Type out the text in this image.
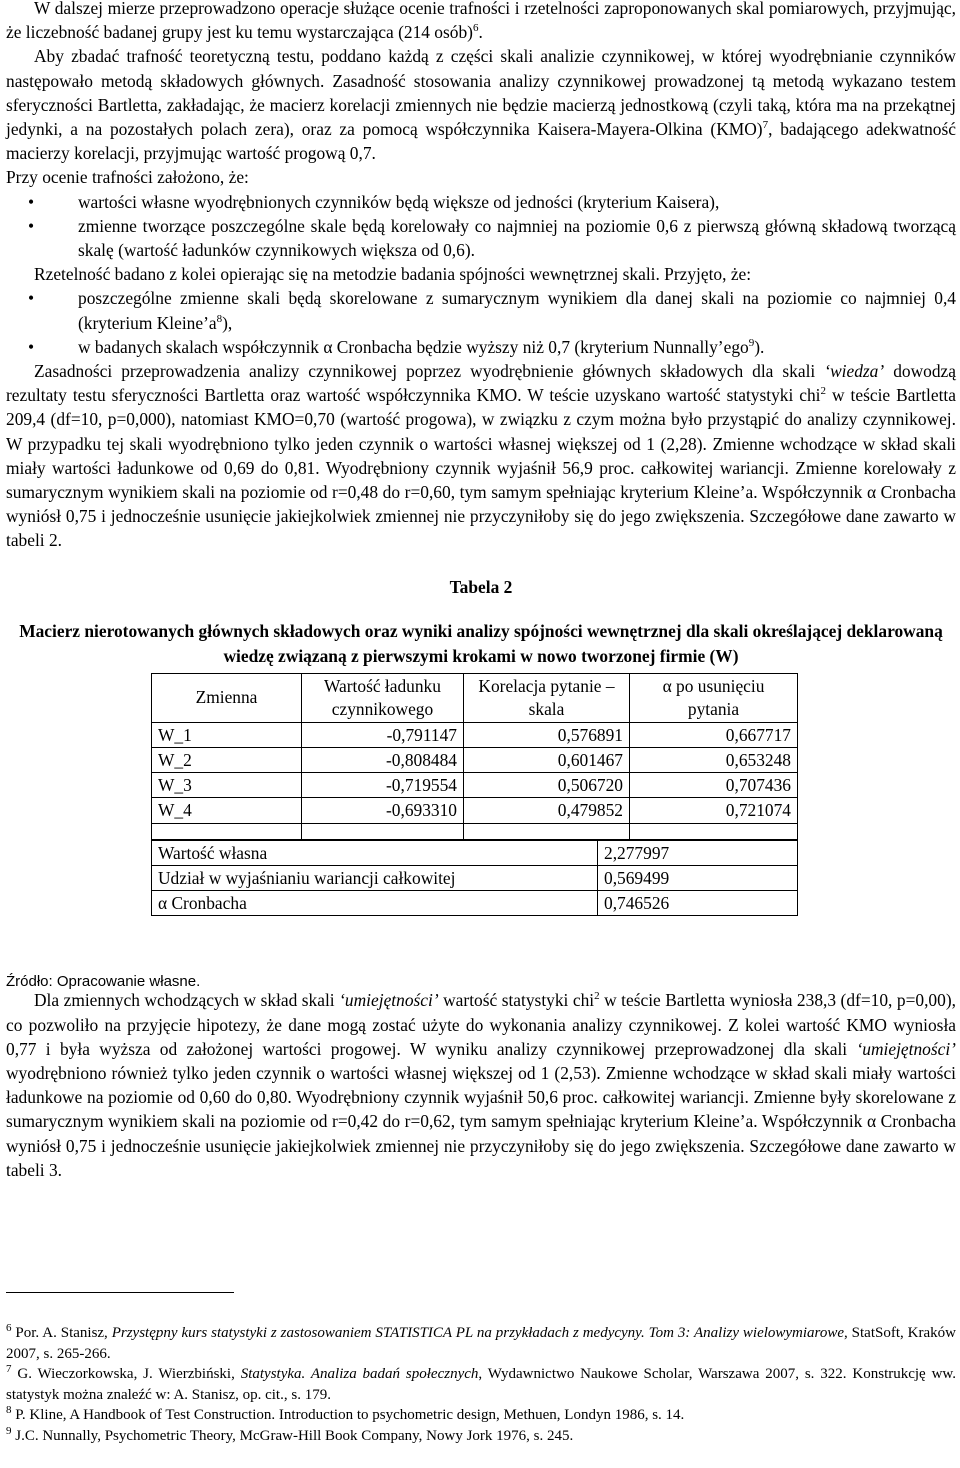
W dalszej mierze przeprowadzono operacje służące ocenie trafności i rzetelności zaproponowanych skal pomiarowych, przyjmując, że liczebność badanej grupy jest ku temu wystarczająca (214 osób)$^6$.

Aby zbadać trafność teoretyczną testu, poddano każdą z części skali analizie czynnikowej, w której wyodrębnianie czynników następowało metodą składowych głównych. Zasadność stosowania analizy czynnikowej prowadzonej tą metodą wykazano testem sferyczności Bartletta, zakładając, że macierz korelacji zmiennych nie będzie macierzą jednostkową (czyli taką, która ma na przekątnej jedynki, a na pozostałych polach zera), oraz za pomocą współczynnika Kaisera-Mayera-Olkina (KMO)$^7$, badającego adekwatność macierzy korelacji, przyjmując wartość progową 0,7.

Przy ocenie trafności założono, że:

•	wartości własne wyodrębnionych czynników będą większe od jedności (kryterium Kaisera),

•	zmienne tworzące poszczególne skale będą korelowały co najmniej na poziomie 0,6 z pierwszą główną składową tworzącą skalę (wartość ładunków czynnikowych większa od 0,6).

Rzetelność badano z kolei opierając się na metodzie badania spójności wewnętrznej skali. Przyjęto, że:

•	poszczególne zmienne skali będą skorelowane z sumarycznym wynikiem dla danej skali na poziomie co najmniej 0,4 (kryterium $Kleine’a^8$),

•	w badanych skalach współczynnik α Cronbacha będzie wyższy niż 0,7 (kryterium Nunnally’ego$^9$).

Zasadności przeprowadzenia analizy czynnikowej poprzez wyodrębnienie głównych składowych dla skali ‘wiedza’ dowodzą rezultaty testu sferyczności Bartletta oraz wartość współczynnika KMO. W teście uzyskano wartość statystyki chi$^2$ w teście Bartletta 209,4 (df=10, p=0,000), natomiast KMO=0,70 (wartość progowa), w związku z czym można było przystąpić do analizy czynnikowej. W przypadku tej skali wyodrębniono tylko jeden czynnik o wartości własnej większej od 1 (2,28). Zmienne wchodzące w skład skali miały wartości ładunkowe od 0,69 do 0,81. Wyodrębniony czynnik wyjaśnił 56,9 proc. całkowitej wariancji. Zmienne korelowały z sumarycznym wynikiem skali na poziomie od r=0,48 do r=0,60, tym samym spełniając kryterium Kleine’a. Współczynnik α Cronbacha wyniósł 0,75 i jednocześnie usunięcie jakiejkolwiek zmiennej nie przyczyniłoby się do jego zwiększenia. Szczegółowe dane zawarto w tabeli 2.

Tabela 2
Macierz nierotowanych głównych składowych oraz wyniki analizy spójności wewnętrznej dla skali określającej deklarowaną wiedzę związaną z pierwszymi krokami w nowo tworzonej firmie (W)
Zmienna	Wartość ładunku czynnikowego	Korelacja pytanie – skala	α po usunięciu pytania
W_1	-0,791147	0,576891	0,667717
W_2	-0,808484	0,601467	0,653248
W_3	-0,719554	0,506720	0,707436
W_4	-0,693310	0,479852	0,721074

Wartość własna	2,277997
Udział w wyjaśnianiu wariancji całkowitej	0,569499
α Cronbacha	0,746526

Dla zmiennych wchodzących w skład skali ‘umiejętności’ wartość statystyki chi$^2$ w teście Bartletta wyniosła 238,3 (df=10, p=0,00), co pozwoliło na przyjęcie hipotezy, że dane mogą zostać użyte do wykonania analizy czynnikowej. Z kolei wartość KMO wyniosła 0,77 i była wyższa od założonej wartości progowej. W wyniku analizy czynnikowej przeprowadzonej dla skali ‘umiejętności’ wyodrębniono również tylko jeden czynnik o wartości własnej większej od 1 (2,53). Zmienne wchodzące w skład skali miały wartości ładunkowe na poziomie od 0,60 do 0,80. Wyodrębniony czynnik wyjaśnił 50,6 proc. całkowitej wariancji. Zmienne były skorelowane z sumarycznym wynikiem skali na poziomie od r=0,42 do r=0,62, tym samym spełniając kryterium Kleine’a. Współczynnik α Cronbacha wyniósł 0,75 i jednocześnie usunięcie jakiejkolwiek zmiennej nie przyczyniłoby się do jego zwiększenia. Szczegółowe dane zawarto w tabeli 3.

Źródło: Opracowanie własne.

$^6$ Por. A. Stanisz, Przystępny kurs statystyki z zastosowaniem STATISTICA PL na przykładach z medycyny. Tom 3: Analizy wielowymiarowe, StatSoft, Kraków 2007, s. 265-266.

$^7$ G. Wieczorkowska, J. Wierzbiński, Statystyka. Analiza badań społecznych, Wydawnictwo Naukowe Scholar, Warszawa 2007, s. 322. Konstrukcję ww. statystyk można znaleźć w: A. Stanisz, op. cit., s. 179.

$^8$ P. Kline, A Handbook of Test Construction. Introduction to psychometric design, Methuen, Londyn 1986, s. 14.

$^9$ J.C. Nunnally, Psychometric Theory, McGraw-Hill Book Company, Nowy Jork 1976, s. 245.
